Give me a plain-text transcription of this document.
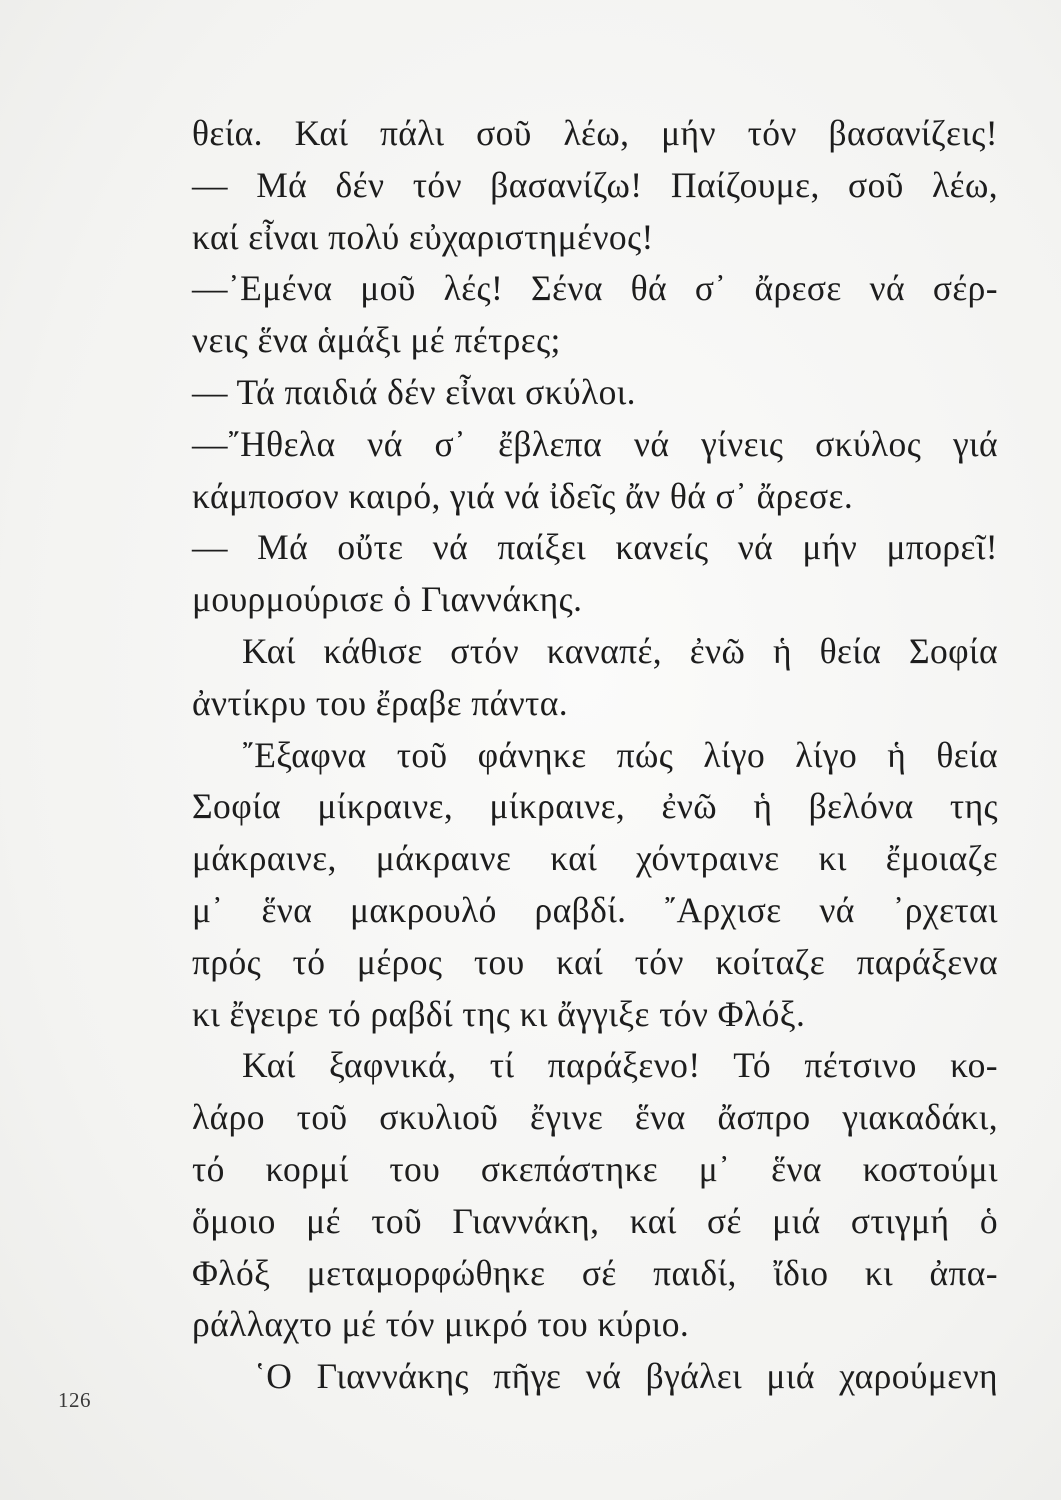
θεία. Καί πάλι σοῦ λέω, μήν τόν βασανίζεις!
— Μά δέν τόν βασανίζω! Παίζουμε, σοῦ λέω,
καί εἶναι πολύ εὐχαριστημένος!
—᾿Εμένα μοῦ λές! Σένα θά σ᾿ ἄρεσε νά σέρ-
νεις ἕνα ἁμάξι μέ πέτρες;
— Τά παιδιά δέν εἶναι σκύλοι.
—῎Ηθελα νά σ᾿ ἔβλεπα νά γίνεις σκύλος γιά
κάμποσον καιρό, γιά νά ἰδεῖς ἄν θά σ᾿ ἄρεσε.
— Μά οὔτε νά παίξει κανείς νά μήν μπορεῖ!
μουρμούρισε ὁ Γιαννάκης.
Καί κάθισε στόν καναπέ, ἐνῶ ἡ θεία Σοφία
ἀντίκρυ του ἔραβε πάντα.
῎Εξαφνα τοῦ φάνηκε πώς λίγο λίγο ἡ θεία
Σοφία μίκραινε, μίκραινε, ἐνῶ ἡ βελόνα της
μάκραινε, μάκραινε καί χόντραινε κι ἔμοιαζε
μ᾿ ἕνα μακρουλό ραβδί. ῎Αρχισε νά ᾿ρχεται
πρός τό μέρος του καί τόν κοίταζε παράξενα
κι ἔγειρε τό ραβδί της κι ἄγγιξε τόν Φλόξ.
Καί ξαφνικά, τί παράξενο! Τό πέτσινο κο-
λάρο τοῦ σκυλιοῦ ἔγινε ἕνα ἄσπρο γιακαδάκι,
τό κορμί του σκεπάστηκε μ᾿ ἕνα κοστούμι
ὅμοιο μέ τοῦ Γιαννάκη, καί σέ μιά στιγμή ὁ
Φλόξ μεταμορφώθηκε σέ παιδί, ἴδιο κι ἀπα-
ράλλαχτο μέ τόν μικρό του κύριο.
῾Ο Γιαννάκης πῆγε νά βγάλει μιά χαρούμενη
126
